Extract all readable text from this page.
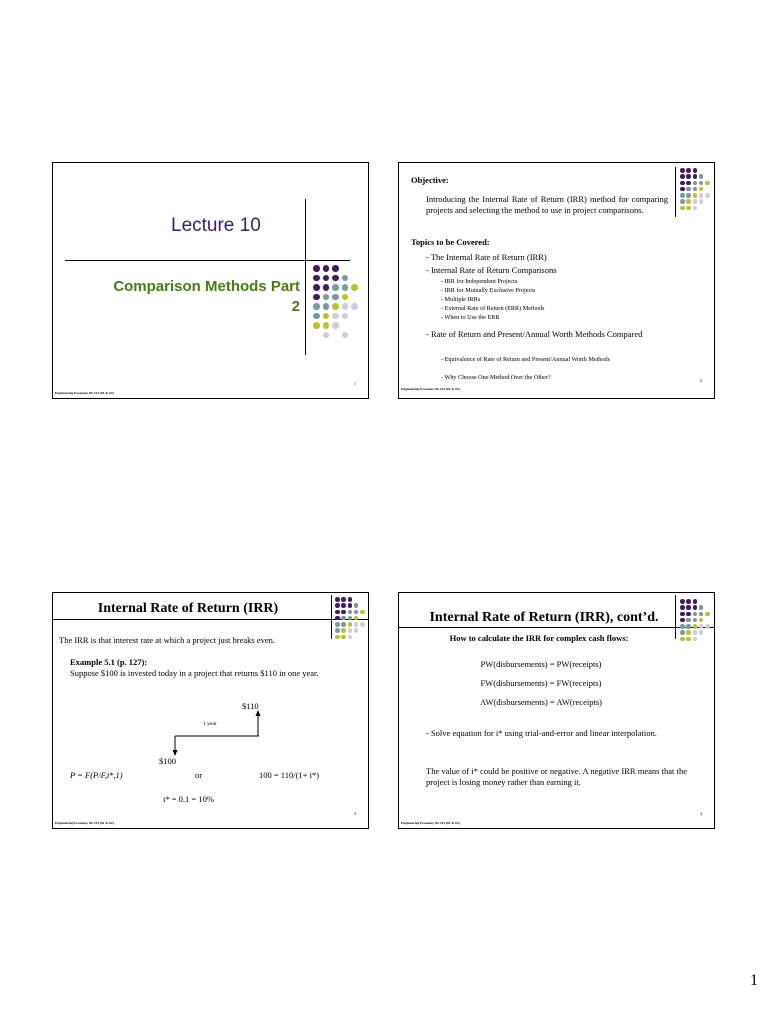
Lecture 10
Comparison Methods Part
2
1
Engineering Economy 85-313 (01 & 02)
Objective:
Introducing the Internal Rate of Return (IRR) method for comparing projects and selecting the method to use in project comparisons.
Topics to be Covered:
- The Internal Rate of Return (IRR)
- Internal Rate of Return Comparisons
- IRR for Independent Projects
- IRR for Mutually Exclusive Projects
- Multiple IRRs
- External Rate of Return (ERR) Methods
- When to Use the ERR
- Rate of Return and Present/Annual Worth Methods Compared
- Equivalence of Rate of Return and Present/Annual Worth Methods
- Why Choose One Method Over the Other?	2
Engineering Economy 85-313 (01 & 02)
Internal Rate of Return (IRR)
The IRR is that interest rate at which a project just breaks even.
Example 5.1 (p. 127):
Suppose $100 is invested today in a project that returns $110 in one year.
$110
1 year
$100
P = F(P/F,i*,1)	or	100 = 110/(1+ i*)
i* = 0.1 = 10%
3
Engineering Economy 85-313 (01 & 02)
Internal Rate of Return (IRR), cont’d.
How to calculate the IRR for complex cash flows:
PW(disbursements) = PW(receipts)
FW(disbursements) = FW(receipts)
AW(disbursements) = AW(receipts)
- Solve equation for i* using trial-and-error and linear interpolation.
The value of i* could be positive or negative. A negative IRR means that the project is losing money rather than earning it.
4
Engineering Economy 85-313 (01 & 02)
1
